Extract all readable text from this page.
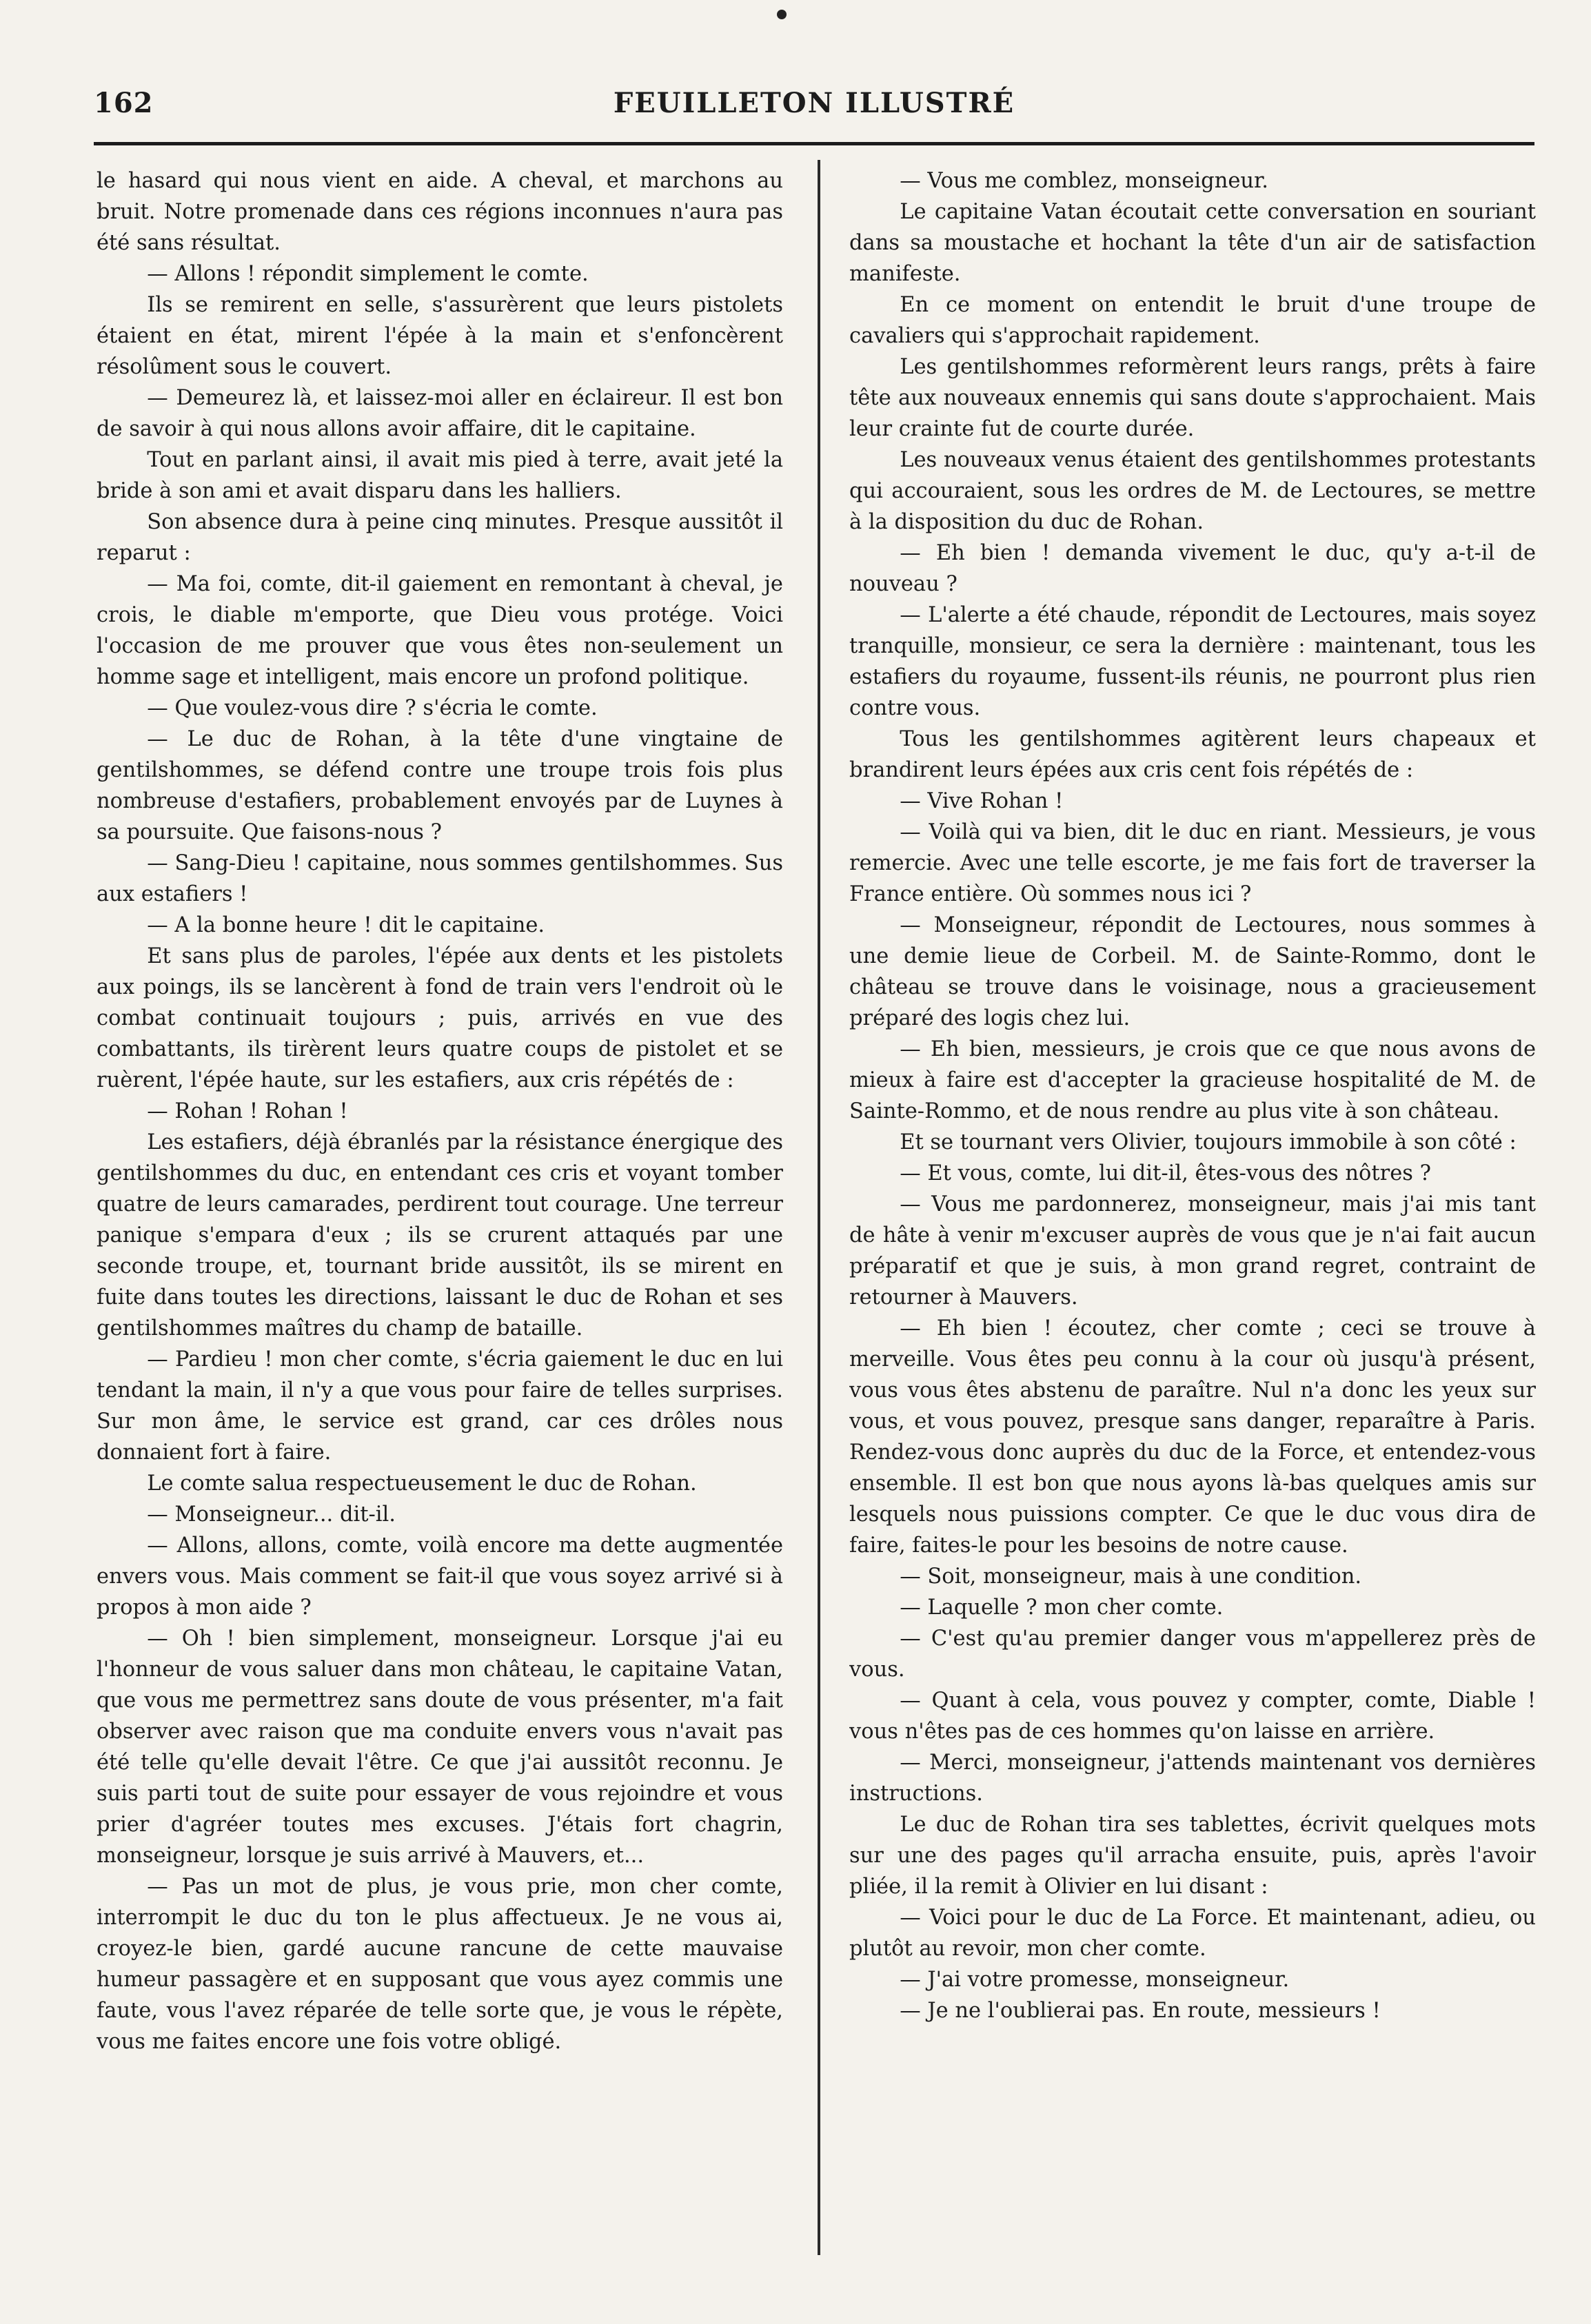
162	FEUILLETON ILLUSTRÉ

le hasard qui nous vient en aide. A cheval, et marchons au bruit. Notre promenade dans ces régions inconnues n'aura pas été sans résultat.

— Allons ! répondit simplement le comte.

Ils se remirent en selle, s'assurèrent que leurs pistolets étaient en état, mirent l'épée à la main et s'enfoncèrent résolûment sous le couvert.

— Demeurez là, et laissez-moi aller en éclaireur. Il est bon de savoir à qui nous allons avoir affaire, dit le capitaine.

Tout en parlant ainsi, il avait mis pied à terre, avait jeté la bride à son ami et avait disparu dans les halliers.

Son absence dura à peine cinq minutes. Presque aussitôt il reparut :

— Ma foi, comte, dit-il gaiement en remontant à cheval, je crois, le diable m'emporte, que Dieu vous protége. Voici l'occasion de me prouver que vous êtes non-seulement un homme sage et intelligent, mais encore un profond politique.

— Que voulez-vous dire ? s'écria le comte.

— Le duc de Rohan, à la tête d'une vingtaine de gentilshommes, se défend contre une troupe trois fois plus nombreuse d'estafiers, probablement envoyés par de Luynes à sa poursuite. Que faisons-nous ?

— Sang-Dieu ! capitaine, nous sommes gentilshommes. Sus aux estafiers !

— A la bonne heure ! dit le capitaine.

Et sans plus de paroles, l'épée aux dents et les pistolets aux poings, ils se lancèrent à fond de train vers l'endroit où le combat continuait toujours ; puis, arrivés en vue des combattants, ils tirèrent leurs quatre coups de pistolet et se ruèrent, l'épée haute, sur les estafiers, aux cris répétés de :

— Rohan ! Rohan !

Les estafiers, déjà ébranlés par la résistance énergique des gentilshommes du duc, en entendant ces cris et voyant tomber quatre de leurs camarades, perdirent tout courage. Une terreur panique s'empara d'eux ; ils se crurent attaqués par une seconde troupe, et, tournant bride aussitôt, ils se mirent en fuite dans toutes les directions, laissant le duc de Rohan et ses gentilshommes maîtres du champ de bataille.

— Pardieu ! mon cher comte, s'écria gaiement le duc en lui tendant la main, il n'y a que vous pour faire de telles surprises. Sur mon âme, le service est grand, car ces drôles nous donnaient fort à faire.

Le comte salua respectueusement le duc de Rohan.

— Monseigneur... dit-il.

— Allons, allons, comte, voilà encore ma dette augmentée envers vous. Mais comment se fait-il que vous soyez arrivé si à propos à mon aide ?

— Oh ! bien simplement, monseigneur. Lorsque j'ai eu l'honneur de vous saluer dans mon château, le capitaine Vatan, que vous me permettrez sans doute de vous présenter, m'a fait observer avec raison que ma conduite envers vous n'avait pas été telle qu'elle devait l'être. Ce que j'ai aussitôt reconnu. Je suis parti tout de suite pour essayer de vous rejoindre et vous prier d'agréer toutes mes excuses. J'étais fort chagrin, monseigneur, lorsque je suis arrivé à Mauvers, et...

— Pas un mot de plus, je vous prie, mon cher comte, interrompit le duc du ton le plus affectueux. Je ne vous ai, croyez-le bien, gardé aucune rancune de cette mauvaise humeur passagère et en supposant que vous ayez commis une faute, vous l'avez réparée de telle sorte que, je vous le répète, vous me faites encore une fois votre obligé.

— Vous me comblez, monseigneur.

Le capitaine Vatan écoutait cette conversation en souriant dans sa moustache et hochant la tête d'un air de satisfaction manifeste.

En ce moment on entendit le bruit d'une troupe de cavaliers qui s'approchait rapidement.

Les gentilshommes reformèrent leurs rangs, prêts à faire tête aux nouveaux ennemis qui sans doute s'approchaient. Mais leur crainte fut de courte durée.

Les nouveaux venus étaient des gentilshommes protestants qui accouraient, sous les ordres de M. de Lectoures, se mettre à la disposition du duc de Rohan.

— Eh bien ! demanda vivement le duc, qu'y a-t-il de nouveau ?

— L'alerte a été chaude, répondit de Lectoures, mais soyez tranquille, monsieur, ce sera la dernière : maintenant, tous les estafiers du royaume, fussent-ils réunis, ne pourront plus rien contre vous.

Tous les gentilshommes agitèrent leurs chapeaux et brandirent leurs épées aux cris cent fois répétés de :

— Vive Rohan !

— Voilà qui va bien, dit le duc en riant. Messieurs, je vous remercie. Avec une telle escorte, je me fais fort de traverser la France entière. Où sommes nous ici ?

— Monseigneur, répondit de Lectoures, nous sommes à une demie lieue de Corbeil. M. de Sainte-Rommo, dont le château se trouve dans le voisinage, nous a gracieusement préparé des logis chez lui.

— Eh bien, messieurs, je crois que ce que nous avons de mieux à faire est d'accepter la gracieuse hospitalité de M. de Sainte-Rommo, et de nous rendre au plus vite à son château.

Et se tournant vers Olivier, toujours immobile à son côté :

— Et vous, comte, lui dit-il, êtes-vous des nôtres ?

— Vous me pardonnerez, monseigneur, mais j'ai mis tant de hâte à venir m'excuser auprès de vous que je n'ai fait aucun préparatif et que je suis, à mon grand regret, contraint de retourner à Mauvers.

— Eh bien ! écoutez, cher comte ; ceci se trouve à merveille. Vous êtes peu connu à la cour où jusqu'à présent, vous vous êtes abstenu de paraître. Nul n'a donc les yeux sur vous, et vous pouvez, presque sans danger, reparaître à Paris. Rendez-vous donc auprès du duc de la Force, et entendez-vous ensemble. Il est bon que nous ayons là-bas quelques amis sur lesquels nous puissions compter. Ce que le duc vous dira de faire, faites-le pour les besoins de notre cause.

— Soit, monseigneur, mais à une condition.

— Laquelle ? mon cher comte.

— C'est qu'au premier danger vous m'appellerez près de vous.

— Quant à cela, vous pouvez y compter, comte, Diable ! vous n'êtes pas de ces hommes qu'on laisse en arrière.

— Merci, monseigneur, j'attends maintenant vos dernières instructions.

Le duc de Rohan tira ses tablettes, écrivit quelques mots sur une des pages qu'il arracha ensuite, puis, après l'avoir pliée, il la remit à Olivier en lui disant :

— Voici pour le duc de La Force. Et maintenant, adieu, ou plutôt au revoir, mon cher comte.

— J'ai votre promesse, monseigneur.

— Je ne l'oublierai pas. En route, messieurs !
